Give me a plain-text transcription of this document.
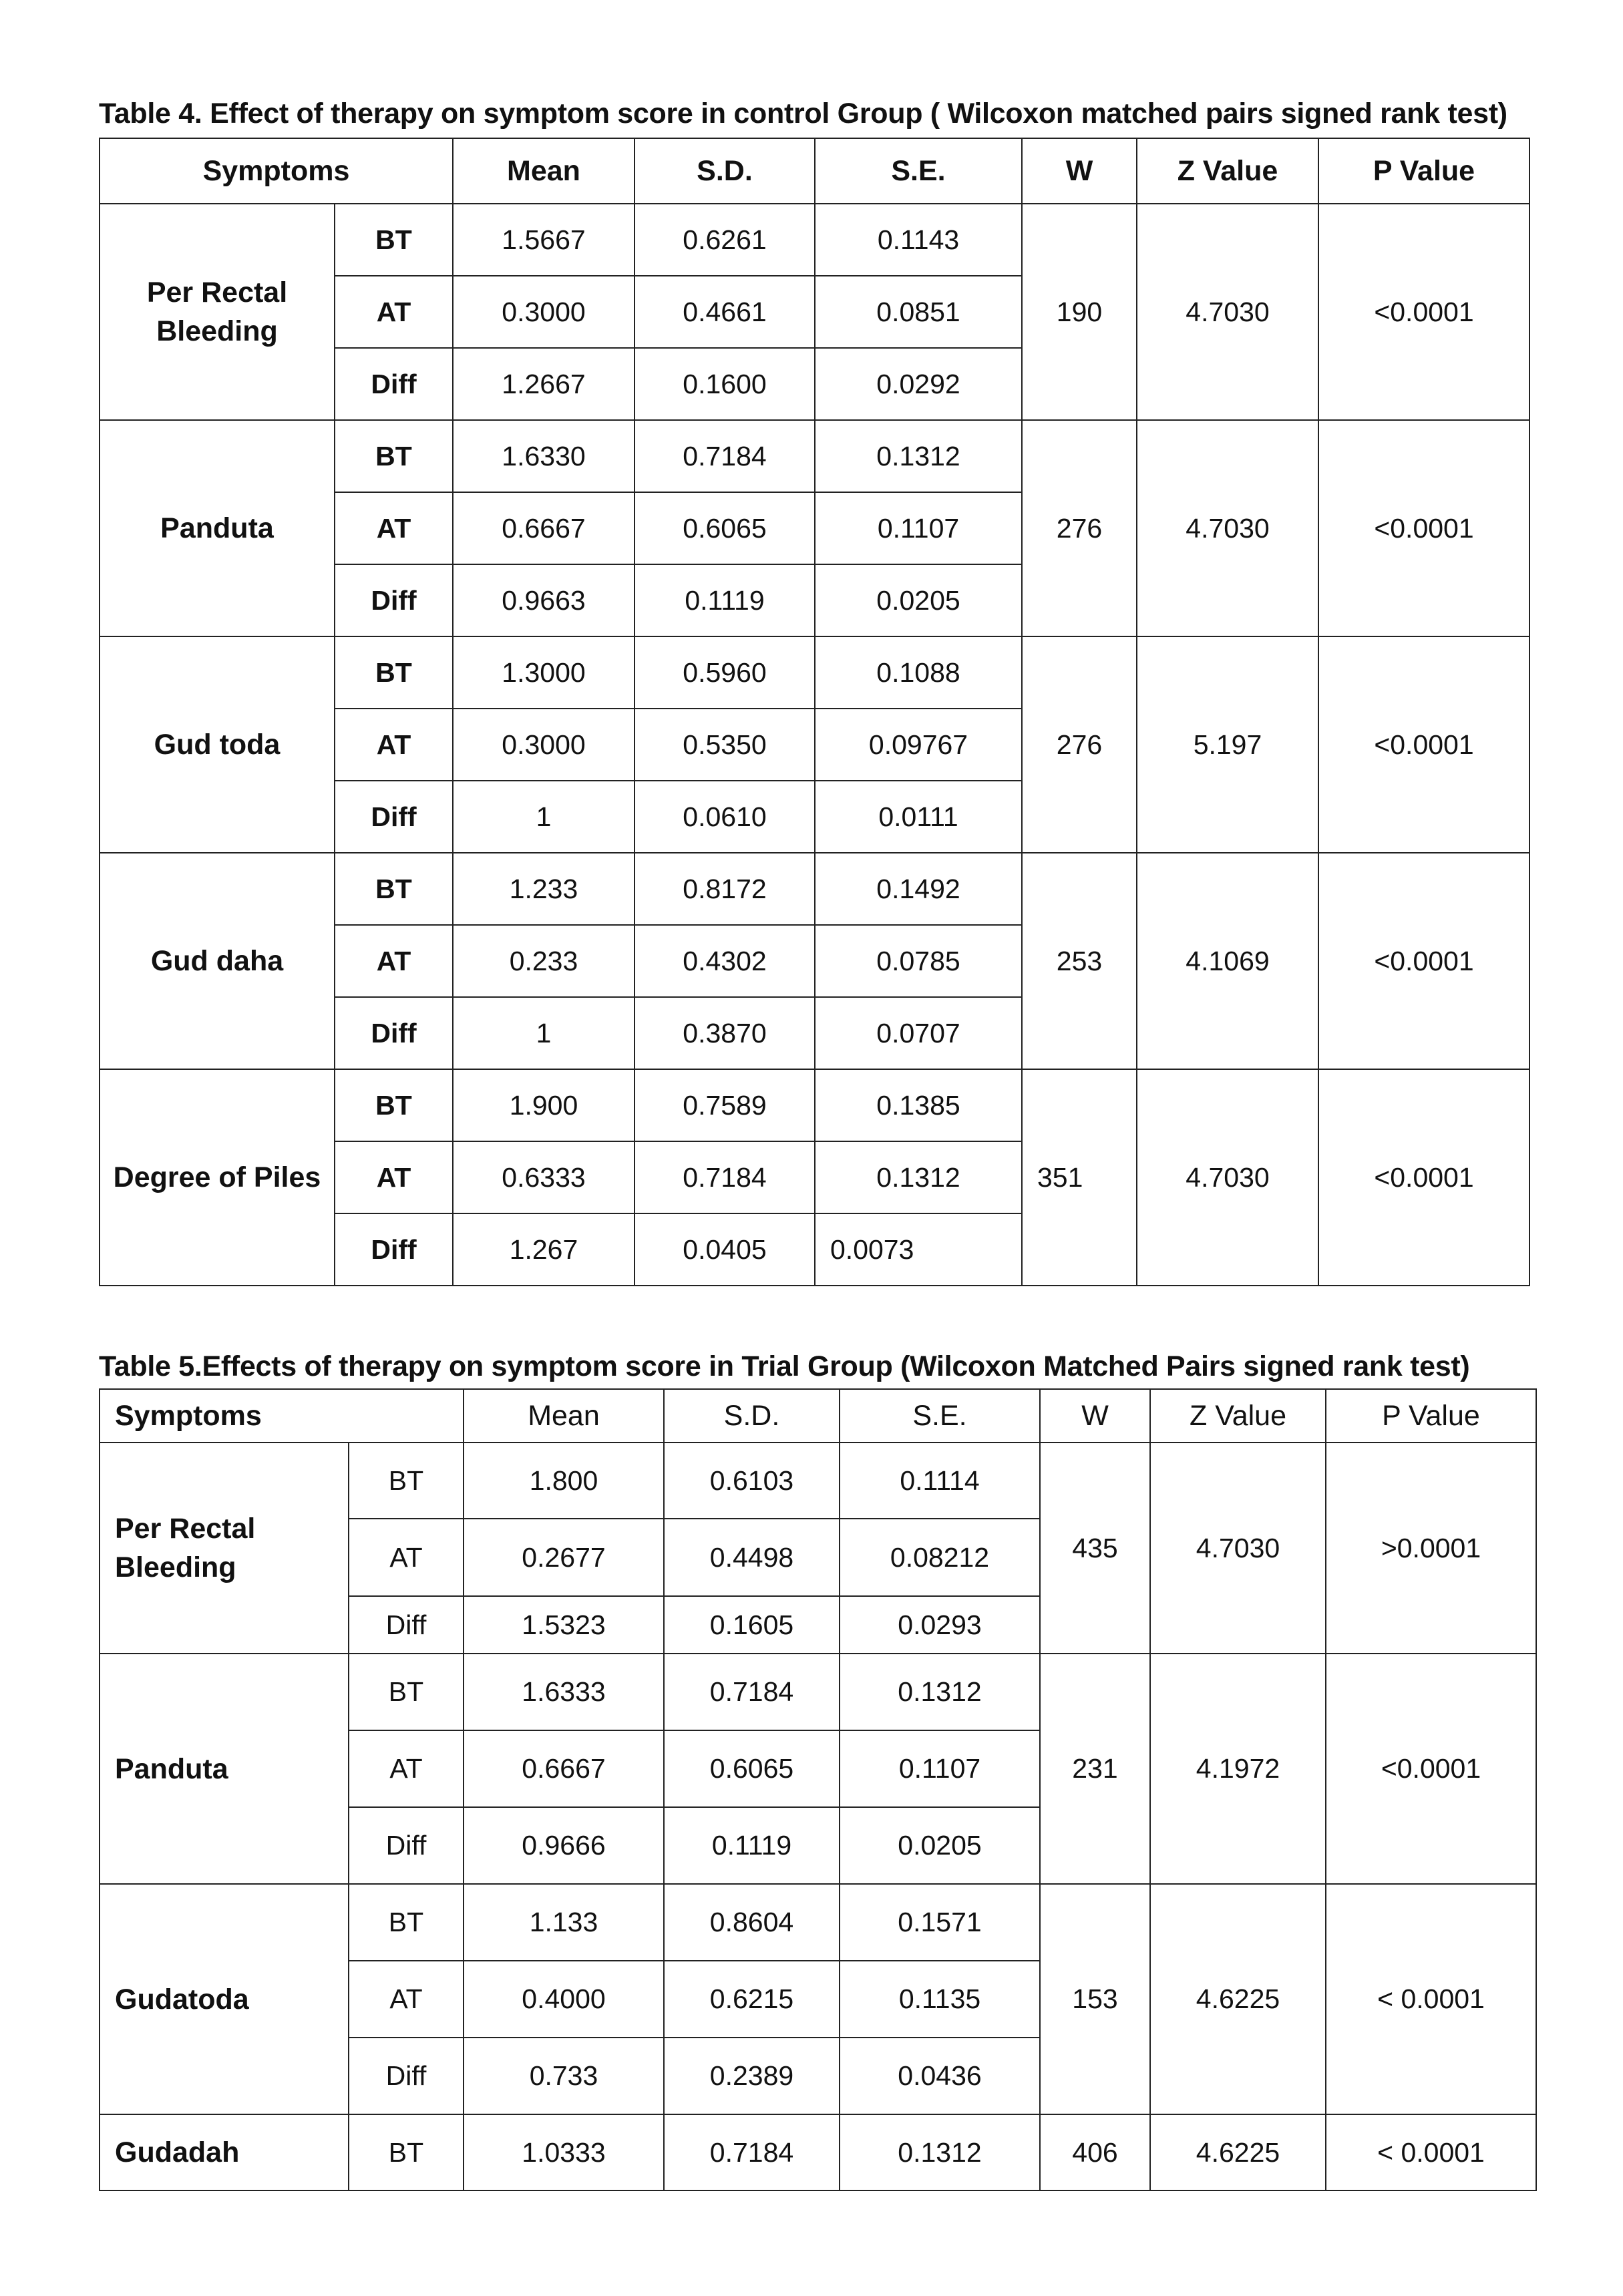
Table 4. Effect of therapy on symptom score in control Group ( Wilcoxon matched pairs signed rank test)
Symptoms		Mean	S.D.	S.E.	W	Z Value	P Value
Per Rectal Bleeding	BT	1.5667	0.6261	0.1143	190	4.7030	<0.0001
	AT	0.3000	0.4661	0.0851			
	Diff	1.2667	0.1600	0.0292			
Panduta	BT	1.6330	0.7184	0.1312	276	4.7030	<0.0001
	AT	0.6667	0.6065	0.1107			
	Diff	0.9663	0.1119	0.0205			
Gud toda	BT	1.3000	0.5960	0.1088	276	5.197	<0.0001
	AT	0.3000	0.5350	0.09767			
	Diff	1	0.0610	0.0111			
Gud daha	BT	1.233	0.8172	0.1492	253	4.1069	<0.0001
	AT	0.233	0.4302	0.0785			
	Diff	1	0.3870	0.0707			
Degree of Piles	BT	1.900	0.7589	0.1385	351	4.7030	<0.0001
	AT	0.6333	0.7184	0.1312			
	Diff	1.267	0.0405	0.0073			
Table 5.Effects of therapy on symptom score in Trial Group (Wilcoxon Matched Pairs signed rank test)
Symptoms		Mean	S.D.	S.E.	W	Z Value	P Value
Per Rectal Bleeding	BT	1.800	0.6103	0.1114	435	4.7030	>0.0001
	AT	0.2677	0.4498	0.08212			
	Diff	1.5323	0.1605	0.0293			
Panduta	BT	1.6333	0.7184	0.1312	231	4.1972	<0.0001
	AT	0.6667	0.6065	0.1107			
	Diff	0.9666	0.1119	0.0205			
Gudatoda	BT	1.133	0.8604	0.1571	153	4.6225	< 0.0001
	AT	0.4000	0.6215	0.1135			
	Diff	0.733	0.2389	0.0436			
Gudadah	BT	1.0333	0.7184	0.1312	406	4.6225	< 0.0001
